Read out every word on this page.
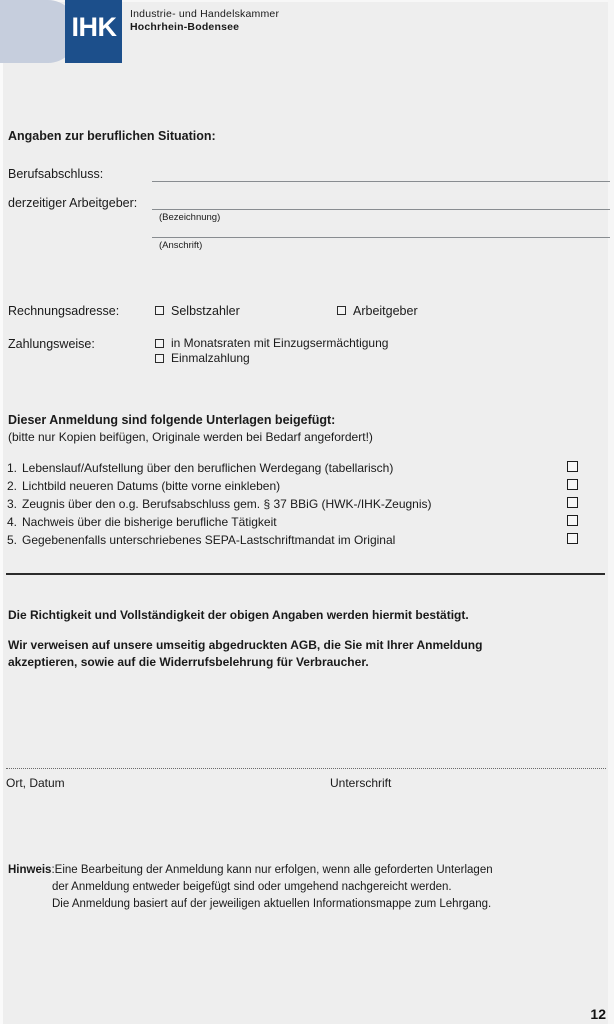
IHK	Industrie- und Handelskammer
Hochrhein-Bodensee
Angaben zur beruflichen Situation:
Berufsabschluss:
derzeitiger Arbeitgeber:
(Bezeichnung)
(Anschrift)
Rechnungsadresse:	Selbstzahler	Arbeitgeber
Zahlungsweise:	in Monatsraten mit Einzugsermächtigung
Einmalzahlung
Dieser Anmeldung sind folgende Unterlagen beigefügt:
(bitte nur Kopien beifügen, Originale werden bei Bedarf angefordert!)
1. Lebenslauf/Aufstellung über den beruflichen Werdegang (tabellarisch)
2. Lichtbild neueren Datums (bitte vorne einkleben)
3. Zeugnis über den o.g. Berufsabschluss gem. § 37 BBiG (HWK-/IHK-Zeugnis)
4. Nachweis über die bisherige berufliche Tätigkeit
5. Gegebenenfalls unterschriebenes SEPA-Lastschriftmandat im Original
Die Richtigkeit und Vollständigkeit der obigen Angaben werden hiermit bestätigt.
Wir verweisen auf unsere umseitig abgedruckten AGB, die Sie mit Ihrer Anmeldung
akzeptieren, sowie auf die Widerrufsbelehrung für Verbraucher.
Ort, Datum	Unterschrift
Hinweis:Eine Bearbeitung der Anmeldung kann nur erfolgen, wenn alle geforderten Unterlagen
der Anmeldung entweder beigefügt sind oder umgehend nachgereicht werden.
Die Anmeldung basiert auf der jeweiligen aktuellen Informationsmappe zum Lehrgang.

12
